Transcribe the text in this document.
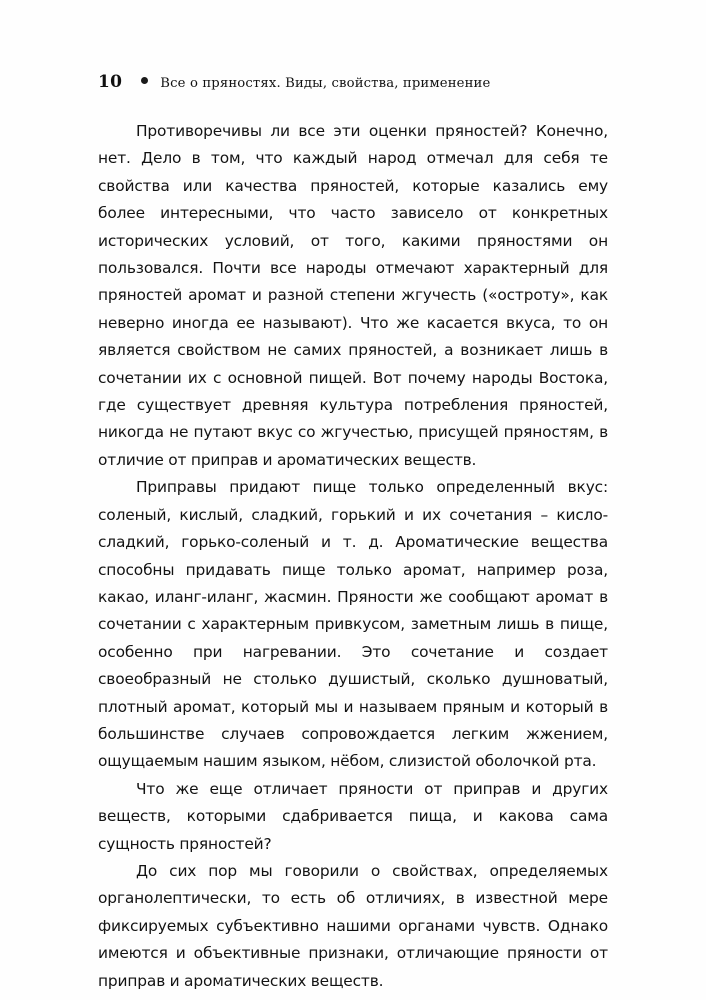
10	Все о пряностях. Виды, свойства, применение

Противоречивы ли все эти оценки пряностей? Конечно, нет. Дело в том, что каждый народ отмечал для себя те свойства или качества пряностей, которые казались ему более интересными, что часто зависело от конкретных исторических условий, от того, какими пряностями он пользовался. Почти все народы отмечают характерный для пряностей аромат и разной степени жгучесть («остроту», как неверно иногда ее называют). Что же касается вкуса, то он является свойством не самих пряностей, а возникает лишь в сочетании их с основной пищей. Вот почему народы Востока, где существует древняя культура потребления пряностей, никогда не путают вкус со жгучестью, присущей пряностям, в отличие от приправ и ароматических веществ.

Приправы придают пище только определенный вкус: соленый, кислый, сладкий, горький и их сочетания – кисло-сладкий, горько-соленый и т. д. Ароматические вещества способны придавать пище только аромат, например роза, какао, иланг-иланг, жасмин. Пряности же сообщают аромат в сочетании с характерным привкусом, заметным лишь в пище, особенно при нагревании. Это сочетание и создает своеобразный не столько душистый, сколько душноватый, плотный аромат, который мы и называем пряным и который в большинстве случаев сопровождается легким жжением, ощущаемым нашим языком, нёбом, слизистой оболочкой рта.

Что же еще отличает пряности от приправ и других веществ, которыми сдабривается пища, и какова сама сущность пряностей?

До сих пор мы говорили о свойствах, определяемых органолептически, то есть об отличиях, в известной мере фиксируемых субъективно нашими органами чувств. Однако имеются и объективные признаки, отличающие пряности от приправ и ароматических веществ.
